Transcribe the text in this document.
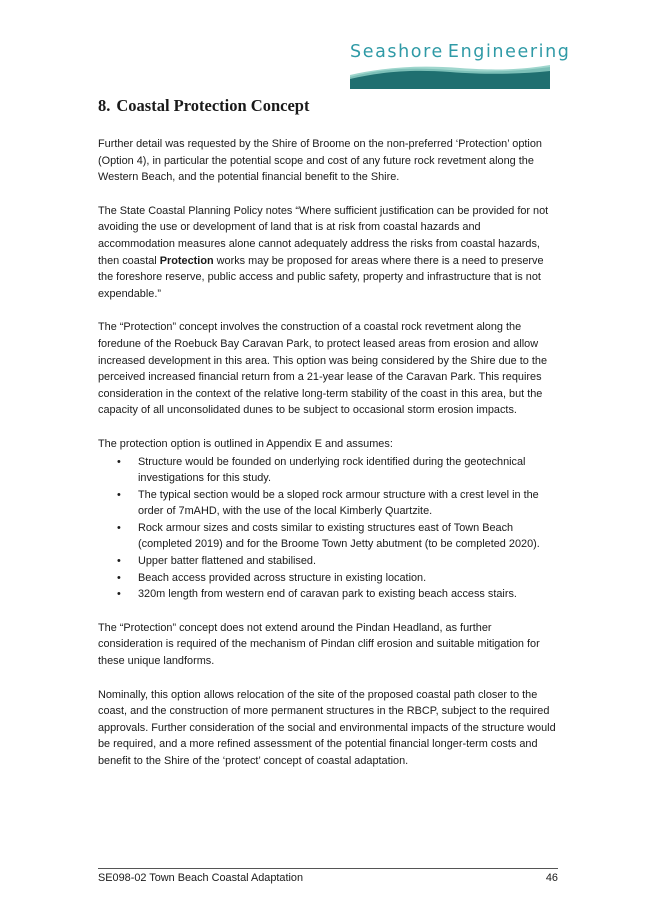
Seashore Engineering
8. Coastal Protection Concept

Further detail was requested by the Shire of Broome on the non-preferred ‘Protection’ option (Option 4), in particular the potential scope and cost of any future rock revetment along the Western Beach, and the potential financial benefit to the Shire.

The State Coastal Planning Policy notes “Where sufficient justification can be provided for not avoiding the use or development of land that is at risk from coastal hazards and accommodation measures alone cannot adequately address the risks from coastal hazards, then coastal Protection works may be proposed for areas where there is a need to preserve the foreshore reserve, public access and public safety, property and infrastructure that is not expendable.”

The “Protection” concept involves the construction of a coastal rock revetment along the foredune of the Roebuck Bay Caravan Park, to protect leased areas from erosion and allow increased development in this area. This option was being considered by the Shire due to the perceived increased financial return from a 21-year lease of the Caravan Park. This requires consideration in the context of the relative long-term stability of the coast in this area, but the capacity of all unconsolidated dunes to be subject to occasional storm erosion impacts.

The protection option is outlined in Appendix E and assumes:

• Structure would be founded on underlying rock identified during the geotechnical investigations for this study.
• The typical section would be a sloped rock armour structure with a crest level in the order of 7mAHD, with the use of the local Kimberly Quartzite.
• Rock armour sizes and costs similar to existing structures east of Town Beach (completed 2019) and for the Broome Town Jetty abutment (to be completed 2020).
• Upper batter flattened and stabilised.
• Beach access provided across structure in existing location.
• 320m length from western end of caravan park to existing beach access stairs.

The “Protection” concept does not extend around the Pindan Headland, as further consideration is required of the mechanism of Pindan cliff erosion and suitable mitigation for these unique landforms.

Nominally, this option allows relocation of the site of the proposed coastal path closer to the coast, and the construction of more permanent structures in the RBCP, subject to the required approvals. Further consideration of the social and environmental impacts of the structure would be required, and a more refined assessment of the potential financial longer-term costs and benefit to the Shire of the ‘protect’ concept of coastal adaptation.

SE098-02 Town Beach Coastal Adaptation	46
